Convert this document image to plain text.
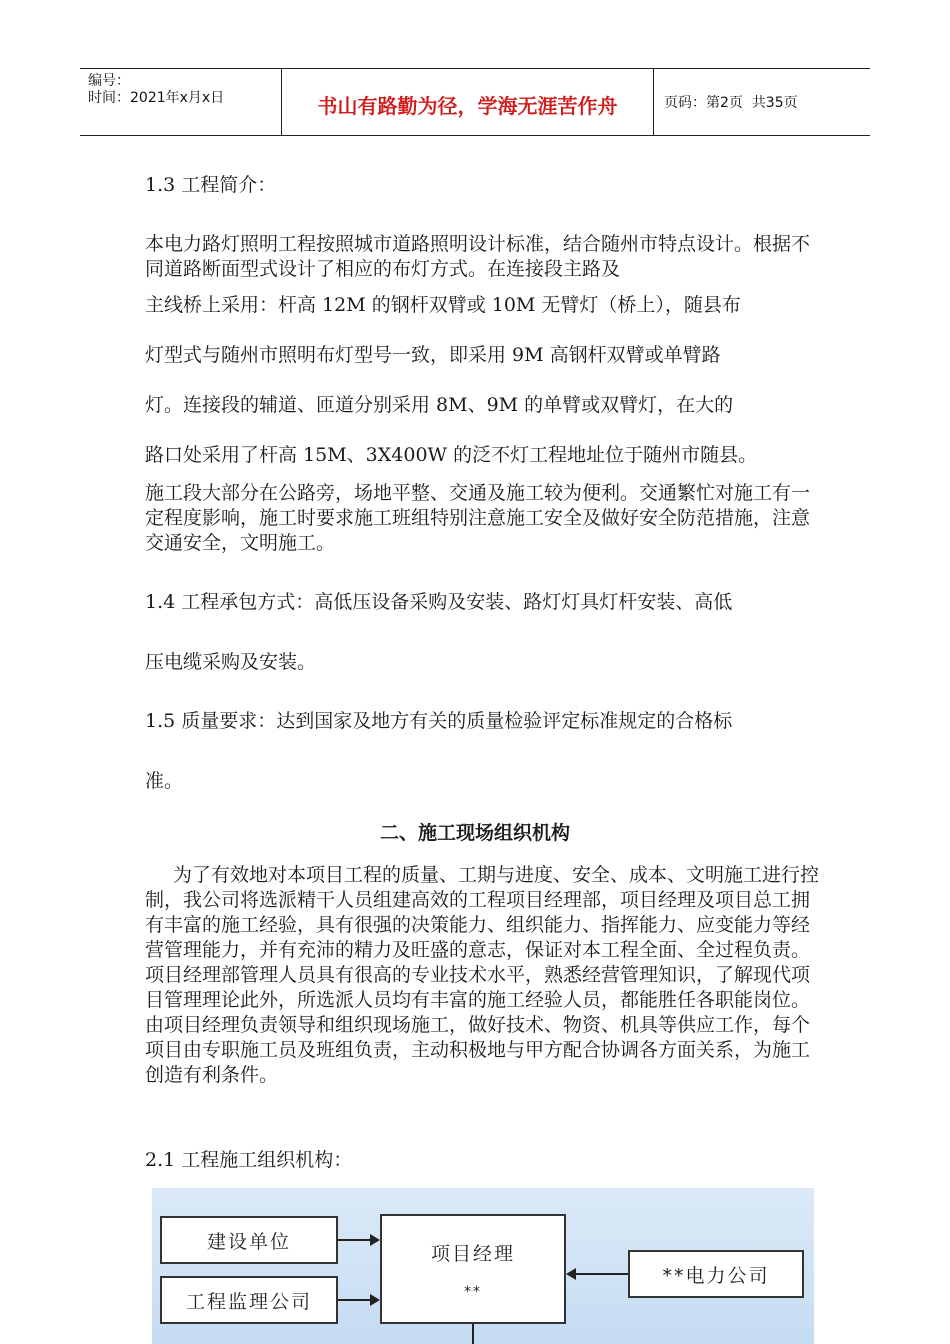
编号：
时间：2021年x月x日	书山有路勤为径，学海无涯苦作舟	页码：第2页  共35页

1.3 工程简介：

本电力路灯照明工程按照城市道路照明设计标准，结合随州市特点设计。根据不同道路断面型式设计了相应的布灯方式。在连接段主路及

主线桥上采用：杆高 12M 的钢杆双臂或 10M 无臂灯（桥上），随县布

灯型式与随州市照明布灯型号一致，即采用 9M 高钢杆双臂或单臂路

灯。连接段的辅道、匝道分别采用 8M、9M 的单臂或双臂灯，在大的

路口处采用了杆高 15M、3X400W 的泛不灯工程地址位于随州市随县。

施工段大部分在公路旁，场地平整、交通及施工较为便利。交通繁忙对施工有一定程度影响，施工时要求施工班组特别注意施工安全及做好安全防范措施，注意交通安全，文明施工。

1.4 工程承包方式：高低压设备采购及安装、路灯灯具灯杆安装、高低

压电缆采购及安装。

1.5 质量要求：达到国家及地方有关的质量检验评定标准规定的合格标

准。

二、施工现场组织机构

为了有效地对本项目工程的质量、工期与进度、安全、成本、文明施工进行控制，我公司将选派精干人员组建高效的工程项目经理部，项目经理及项目总工拥有丰富的施工经验，具有很强的决策能力、组织能力、指挥能力、应变能力等经营管理能力，并有充沛的精力及旺盛的意志，保证对本工程全面、全过程负责。项目经理部管理人员具有很高的专业技术水平，熟悉经营管理知识，了解现代项目管理理论此外，所选派人员均有丰富的施工经验人员，都能胜任各职能岗位。由项目经理负责领导和组织现场施工，做好技术、物资、机具等供应工作，每个项目由专职施工员及班组负责，主动积极地与甲方配合协调各方面关系，为施工创造有利条件。

2.1 工程施工组织机构：

建设单位
工程监理公司
项目经理
**
**电力公司
